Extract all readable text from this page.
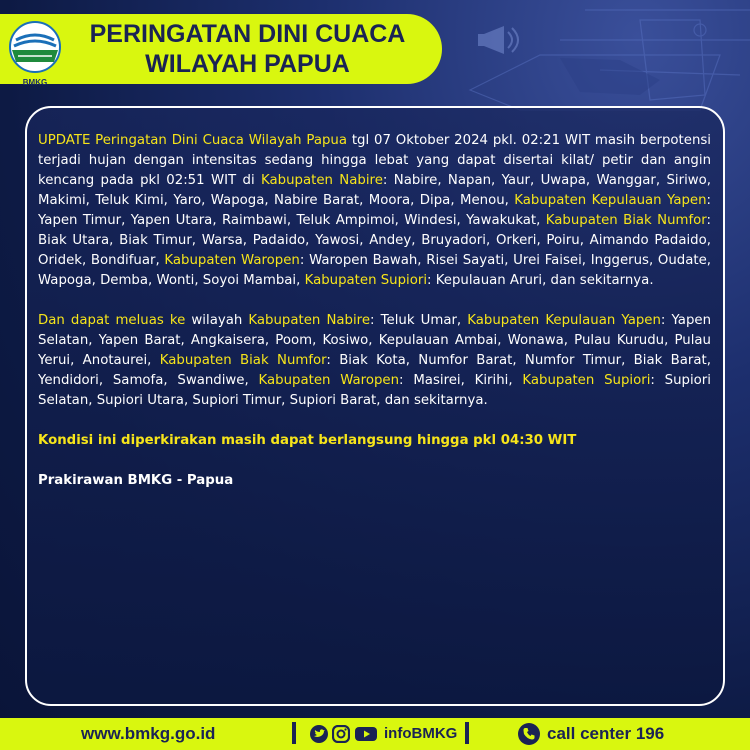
BMKG
PERINGATAN DINI CUACA
WILAYAH PAPUA

UPDATE Peringatan Dini Cuaca Wilayah Papua tgl 07 Oktober 2024 pkl. 02:21 WIT masih berpotensi terjadi hujan dengan intensitas sedang hingga lebat yang dapat disertai kilat/ petir dan angin kencang pada pkl 02:51 WIT di Kabupaten Nabire: Nabire, Napan, Yaur, Uwapa, Wanggar, Siriwo, Makimi, Teluk Kimi, Yaro, Wapoga, Nabire Barat, Moora, Dipa, Menou, Kabupaten Kepulauan Yapen: Yapen Timur, Yapen Utara, Raimbawi, Teluk Ampimoi, Windesi, Yawakukat, Kabupaten Biak Numfor: Biak Utara, Biak Timur, Warsa, Padaido, Yawosi, Andey, Bruyadori, Orkeri, Poiru, Aimando Padaido, Oridek, Bondifuar, Kabupaten Waropen: Waropen Bawah, Risei Sayati, Urei Faisei, Inggerus, Oudate, Wapoga, Demba, Wonti, Soyoi Mambai, Kabupaten Supiori: Kepulauan Aruri, dan sekitarnya.

Dan dapat meluas ke wilayah Kabupaten Nabire: Teluk Umar, Kabupaten Kepulauan Yapen: Yapen Selatan, Yapen Barat, Angkaisera, Poom, Kosiwo, Kepulauan Ambai, Wonawa, Pulau Kurudu, Pulau Yerui, Anotaurei, Kabupaten Biak Numfor: Biak Kota, Numfor Barat, Numfor Timur, Biak Barat, Yendidori, Samofa, Swandiwe, Kabupaten Waropen: Masirei, Kirihi, Kabupaten Supiori: Supiori Selatan, Supiori Utara, Supiori Timur, Supiori Barat, dan sekitarnya.

Kondisi ini diperkirakan masih dapat berlangsung hingga pkl 04:30 WIT

Prakirawan BMKG - Papua

www.bmkg.go.id	infoBMKG	call center 196
